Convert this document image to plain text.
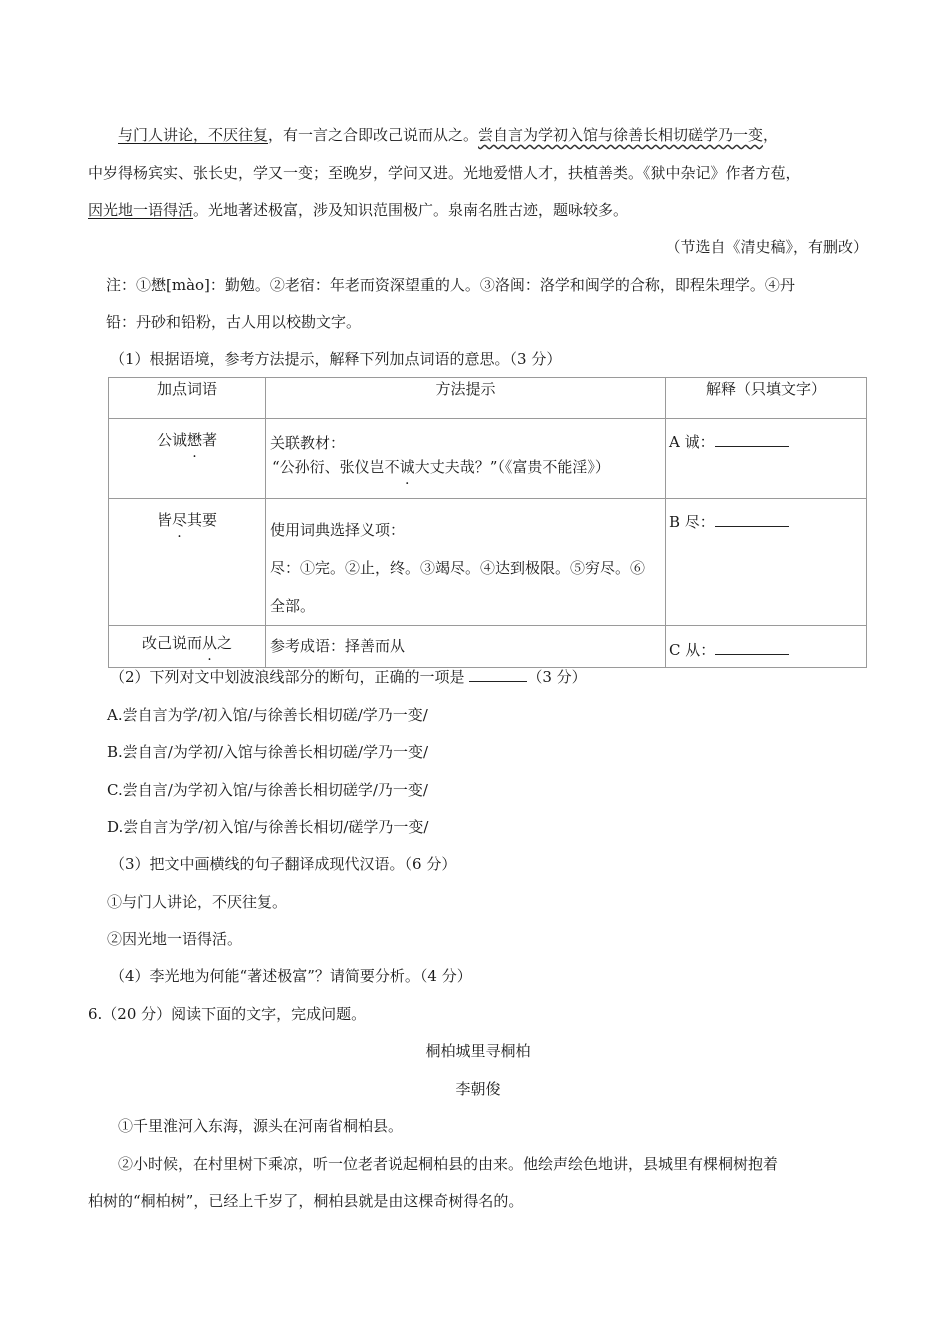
与门人讲论，不厌往复，有一言之合即改己说而从之。尝自言为学初入馆与徐善长相切磋学乃一变，
中岁得杨宾实、张长史，学又一变；至晚岁，学问又进。光地爱惜人才，扶植善类。《狱中杂记》作者方苞，
因光地一语得活。光地著述极富，涉及知识范围极广。泉南名胜古迹，题咏较多。
（节选自《清史稿》，有删改）
注：①懋[mào]：勤勉。②老宿：年老而资深望重的人。③洛闽：洛学和闽学的合称，即程朱理学。④丹
铅：丹砂和铅粉，古人用以校勘文字。
（1）根据语境，参考方法提示，解释下列加点词语的意思。（3 分）
加点词语	方法提示	解释（只填文字）

公诚懋著	关联教材：
“公孙衍、张仪岂不诚大丈夫哉？”（《富贵不能淫》）	A 诚：

皆尽其要	使用词典选择义项：
尽：①完。②止，终。③竭尽。④达到极限。⑤穷尽。⑥
全部。	B 尽：

改己说而从之	参考成语：择善而从	C 从：
（2）下列对文中划波浪线部分的断句，正确的一项是	（3 分）
A.尝自言为学/初入馆/与徐善长相切磋/学乃一变/
B.尝自言/为学初/入馆与徐善长相切磋/学乃一变/
C.尝自言/为学初入馆/与徐善长相切磋学/乃一变/
D.尝自言为学/初入馆/与徐善长相切/磋学乃一变/
（3）把文中画横线的句子翻译成现代汉语。（6 分）
①与门人讲论，不厌往复。
②因光地一语得活。
（4）李光地为何能“著述极富”？请简要分析。（4 分）
6.（20 分）阅读下面的文字，完成问题。
桐柏城里寻桐柏
李朝俊
①千里淮河入东海，源头在河南省桐柏县。
②小时候，在村里树下乘凉，听一位老者说起桐柏县的由来。他绘声绘色地讲，县城里有棵桐树抱着
柏树的“桐柏树”，已经上千岁了，桐柏县就是由这棵奇树得名的。
